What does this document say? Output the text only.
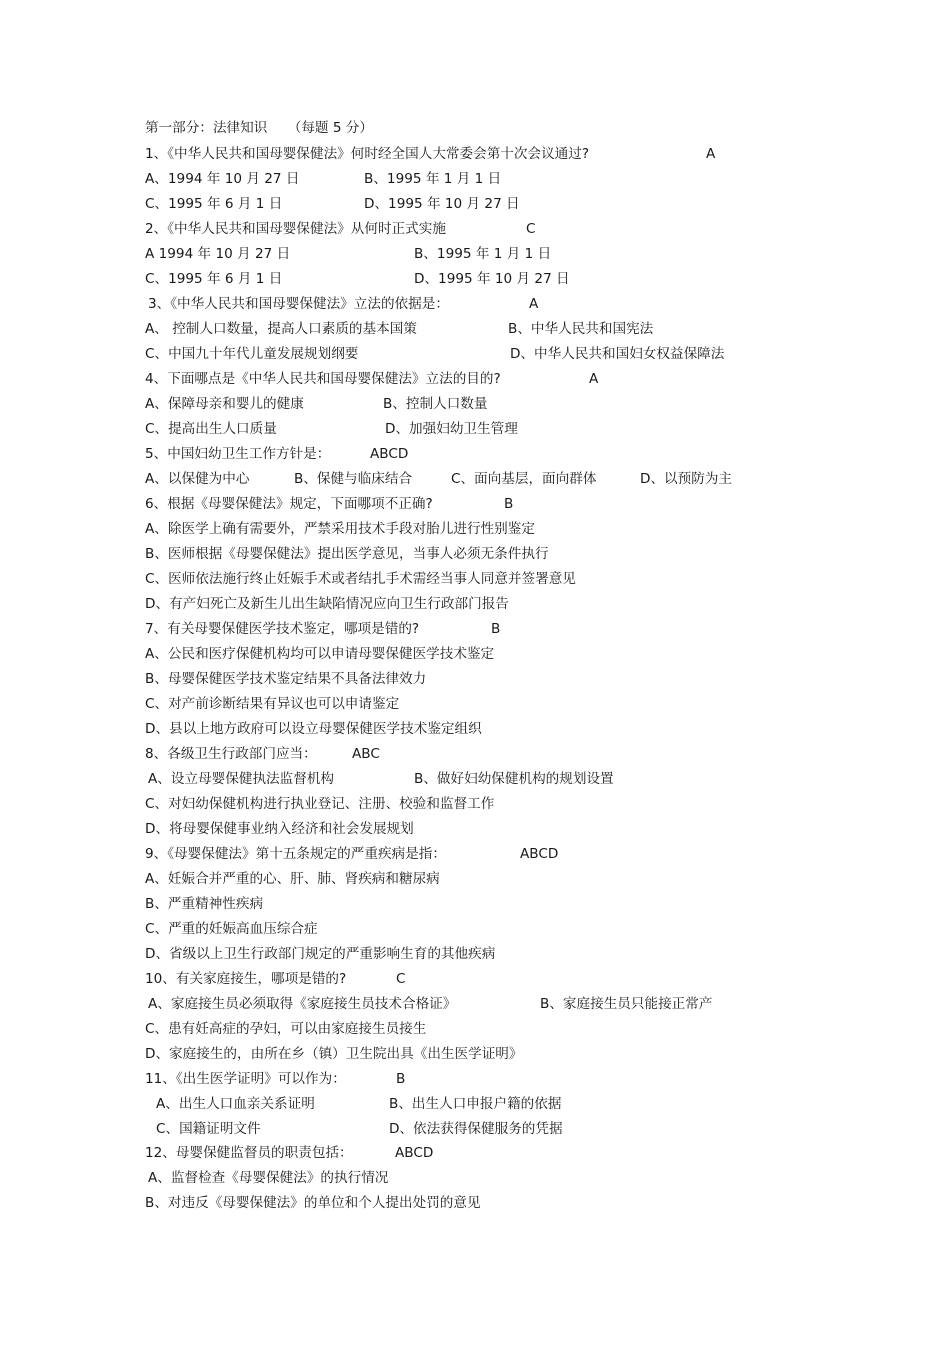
第一部分：法律知识　　（每题 5 分）
1、《中华人民共和国母婴保健法》何时经全国人大常委会第十次会议通过?	A
A、1994 年 10 月 27 日	B、1995 年 1 月 1 日
C、1995 年 6 月 1 日	D、1995 年 10 月 27 日
2、《中华人民共和国母婴保健法》从何时正式实施	C
A 1994 年 10 月 27 日	B、1995 年 1 月 1 日
C、1995 年 6 月 1 日	D、1995 年 10 月 27 日
3、《中华人民共和国母婴保健法》立法的依据是：	A
A、 控制人口数量，提高人口素质的基本国策	B、中华人民共和国宪法
C、中国九十年代儿童发展规划纲要	D、中华人民共和国妇女权益保障法
4、下面哪点是《中华人民共和国母婴保健法》立法的目的?	A
A、保障母亲和婴儿的健康	B、控制人口数量
C、提高出生人口质量	D、加强妇幼卫生管理
5、中国妇幼卫生工作方针是：	ABCD
A、以保健为中心	B、保健与临床结合	C、面向基层，面向群体	D、以预防为主
6、根据《母婴保健法》规定，下面哪项不正确?	B
A、除医学上确有需要外，严禁采用技术手段对胎儿进行性别鉴定
B、医师根据《母婴保健法》提出医学意见，当事人必须无条件执行
C、医师依法施行终止妊娠手术或者结扎手术需经当事人同意并签署意见
D、有产妇死亡及新生儿出生缺陷情况应向卫生行政部门报告
7、有关母婴保健医学技术鉴定，哪项是错的?	B
A、公民和医疗保健机构均可以申请母婴保健医学技术鉴定
B、母婴保健医学技术鉴定结果不具备法律效力
C、对产前诊断结果有异议也可以申请鉴定
D、县以上地方政府可以设立母婴保健医学技术鉴定组织
8、各级卫生行政部门应当：	ABC
A、设立母婴保健执法监督机构	B、做好妇幼保健机构的规划设置
C、对妇幼保健机构进行执业登记、注册、校验和监督工作
D、将母婴保健事业纳入经济和社会发展规划
9、《母婴保健法》第十五条规定的严重疾病是指：	ABCD
A、妊娠合并严重的心、肝、肺、肾疾病和糖尿病
B、严重精神性疾病
C、严重的妊娠高血压综合症
D、省级以上卫生行政部门规定的严重影响生育的其他疾病
10、有关家庭接生，哪项是错的?	C
A、家庭接生员必须取得《家庭接生员技术合格证》	B、家庭接生员只能接正常产
C、患有妊高症的孕妇，可以由家庭接生员接生
D、家庭接生的，由所在乡（镇）卫生院出具《出生医学证明》
11、《出生医学证明》可以作为：	B
A、出生人口血亲关系证明	B、出生人口申报户籍的依据
C、国籍证明文件	D、依法获得保健服务的凭据
12、母婴保健监督员的职责包括：	ABCD
A、监督检查《母婴保健法》的执行情况
B、对违反《母婴保健法》的单位和个人提出处罚的意见
